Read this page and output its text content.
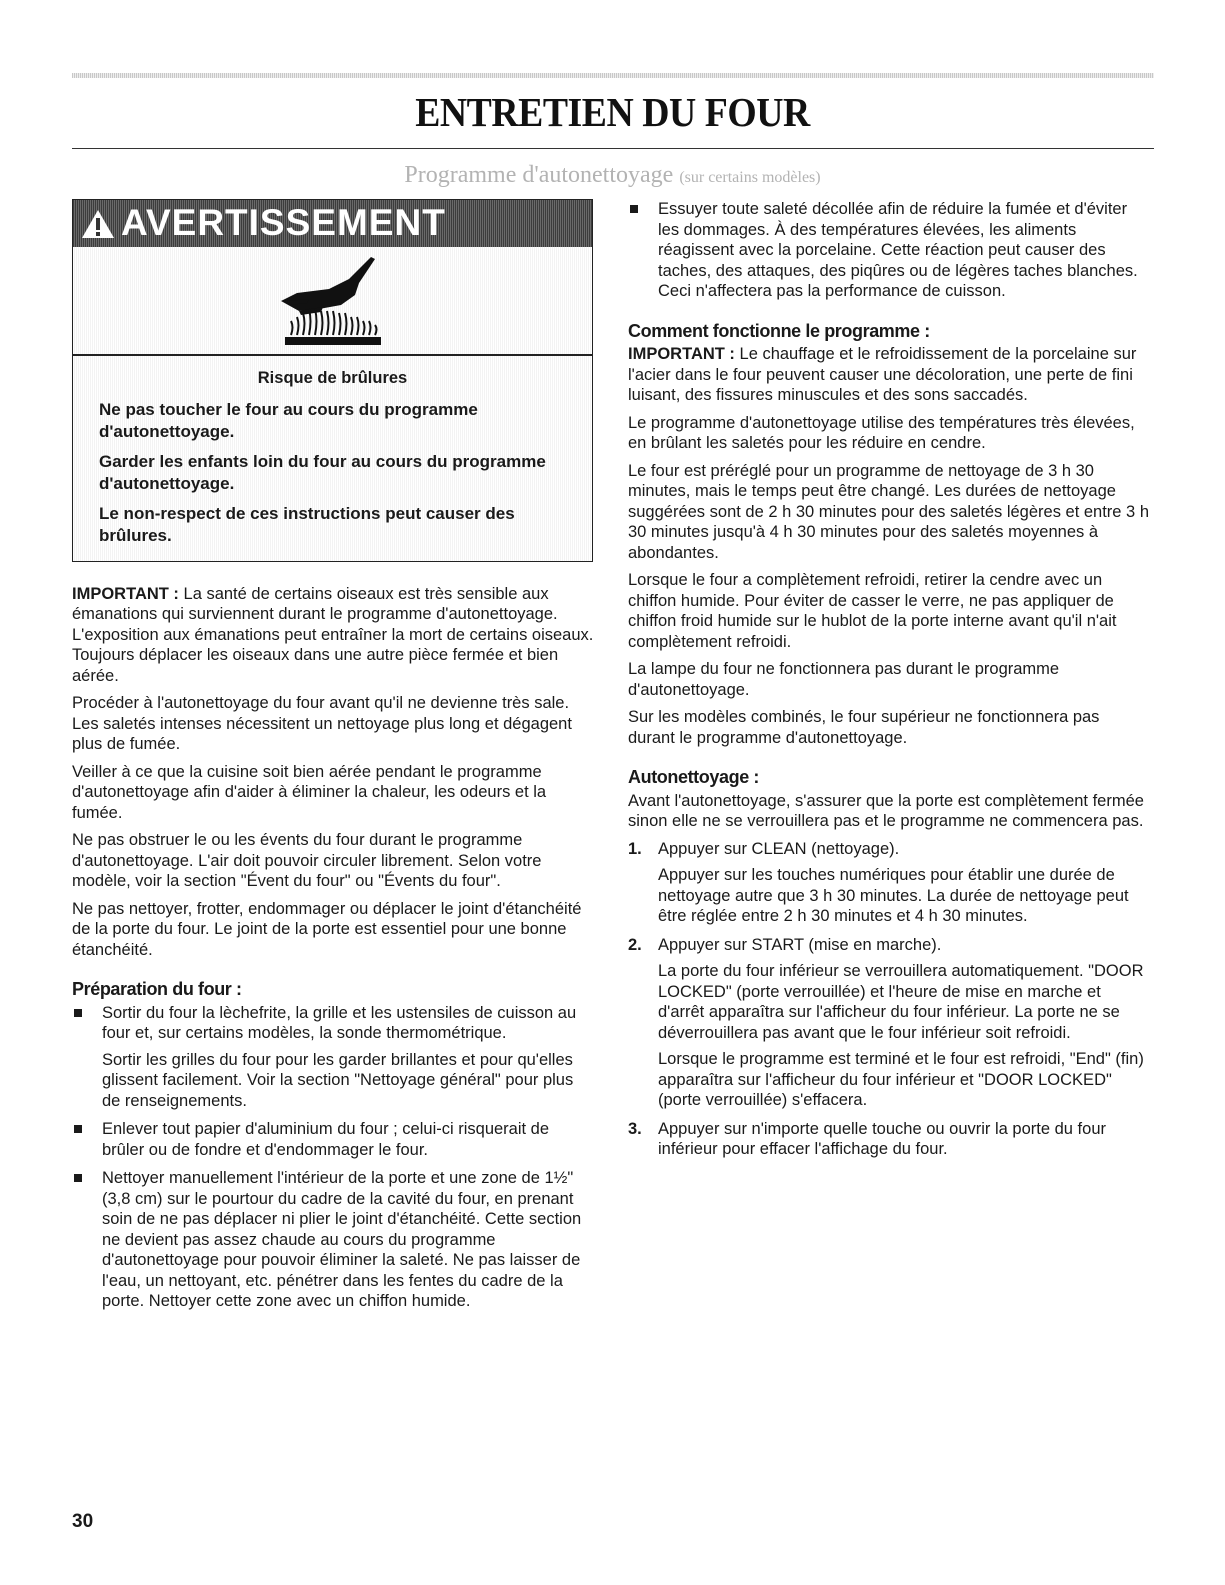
ENTRETIEN DU FOUR
Programme d'autonettoyage (sur certains modèles)
AVERTISSEMENT

Risque de brûlures

Ne pas toucher le four au cours du programme d'autonettoyage.

Garder les enfants loin du four au cours du programme d'autonettoyage.

Le non-respect de ces instructions peut causer des brûlures.

IMPORTANT : La santé de certains oiseaux est très sensible aux émanations qui surviennent durant le programme d'autonettoyage. L'exposition aux émanations peut entraîner la mort de certains oiseaux. Toujours déplacer les oiseaux dans une autre pièce fermée et bien aérée.

Procéder à l'autonettoyage du four avant qu'il ne devienne très sale. Les saletés intenses nécessitent un nettoyage plus long et dégagent plus de fumée.

Veiller à ce que la cuisine soit bien aérée pendant le programme d'autonettoyage afin d'aider à éliminer la chaleur, les odeurs et la fumée.

Ne pas obstruer le ou les évents du four durant le programme d'autonettoyage. L'air doit pouvoir circuler librement. Selon votre modèle, voir la section "Évent du four" ou "Évents du four".

Ne pas nettoyer, frotter, endommager ou déplacer le joint d'étanchéité de la porte du four. Le joint de la porte est essentiel pour une bonne étanchéité.

Préparation du four :
Sortir du four la lèchefrite, la grille et les ustensiles de cuisson au four et, sur certains modèles, la sonde thermométrique.
Sortir les grilles du four pour les garder brillantes et pour qu'elles glissent facilement. Voir la section "Nettoyage général" pour plus de renseignements.
Enlever tout papier d'aluminium du four ; celui-ci risquerait de brûler ou de fondre et d'endommager le four.
Nettoyer manuellement l'intérieur de la porte et une zone de 1½" (3,8 cm) sur le pourtour du cadre de la cavité du four, en prenant soin de ne pas déplacer ni plier le joint d'étanchéité. Cette section ne devient pas assez chaude au cours du programme d'autonettoyage pour pouvoir éliminer la saleté. Ne pas laisser de l'eau, un nettoyant, etc. pénétrer dans les fentes du cadre de la porte. Nettoyer cette zone avec un chiffon humide.
Essuyer toute saleté décollée afin de réduire la fumée et d'éviter les dommages. À des températures élevées, les aliments réagissent avec la porcelaine. Cette réaction peut causer des taches, des attaques, des piqûres ou de légères taches blanches. Ceci n'affectera pas la performance de cuisson.
Comment fonctionne le programme :

IMPORTANT : Le chauffage et le refroidissement de la porcelaine sur l'acier dans le four peuvent causer une décoloration, une perte de fini luisant, des fissures minuscules et des sons saccadés.

Le programme d'autonettoyage utilise des températures très élevées, en brûlant les saletés pour les réduire en cendre.

Le four est préréglé pour un programme de nettoyage de 3 h 30 minutes, mais le temps peut être changé. Les durées de nettoyage suggérées sont de 2 h 30 minutes pour des saletés légères et entre 3 h 30 minutes jusqu'à 4 h 30 minutes pour des saletés moyennes à abondantes.

Lorsque le four a complètement refroidi, retirer la cendre avec un chiffon humide. Pour éviter de casser le verre, ne pas appliquer de chiffon froid humide sur le hublot de la porte interne avant qu'il n'ait complètement refroidi.

La lampe du four ne fonctionnera pas durant le programme d'autonettoyage.

Sur les modèles combinés, le four supérieur ne fonctionnera pas durant le programme d'autonettoyage.

Autonettoyage :

Avant l'autonettoyage, s'assurer que la porte est complètement fermée sinon elle ne se verrouillera pas et le programme ne commencera pas.

1. Appuyer sur CLEAN (nettoyage).
Appuyer sur les touches numériques pour établir une durée de nettoyage autre que 3 h 30 minutes. La durée de nettoyage peut être réglée entre 2 h 30 minutes et 4 h 30 minutes.
2. Appuyer sur START (mise en marche).
La porte du four inférieur se verrouillera automatiquement. "DOOR LOCKED" (porte verrouillée) et l'heure de mise en marche et d'arrêt apparaîtra sur l'afficheur du four inférieur. La porte ne se déverrouillera pas avant que le four inférieur soit refroidi.
Lorsque le programme est terminé et le four est refroidi, "End" (fin) apparaîtra sur l'afficheur du four inférieur et "DOOR LOCKED" (porte verrouillée) s'effacera.
3. Appuyer sur n'importe quelle touche ou ouvrir la porte du four inférieur pour effacer l'affichage du four.
30
